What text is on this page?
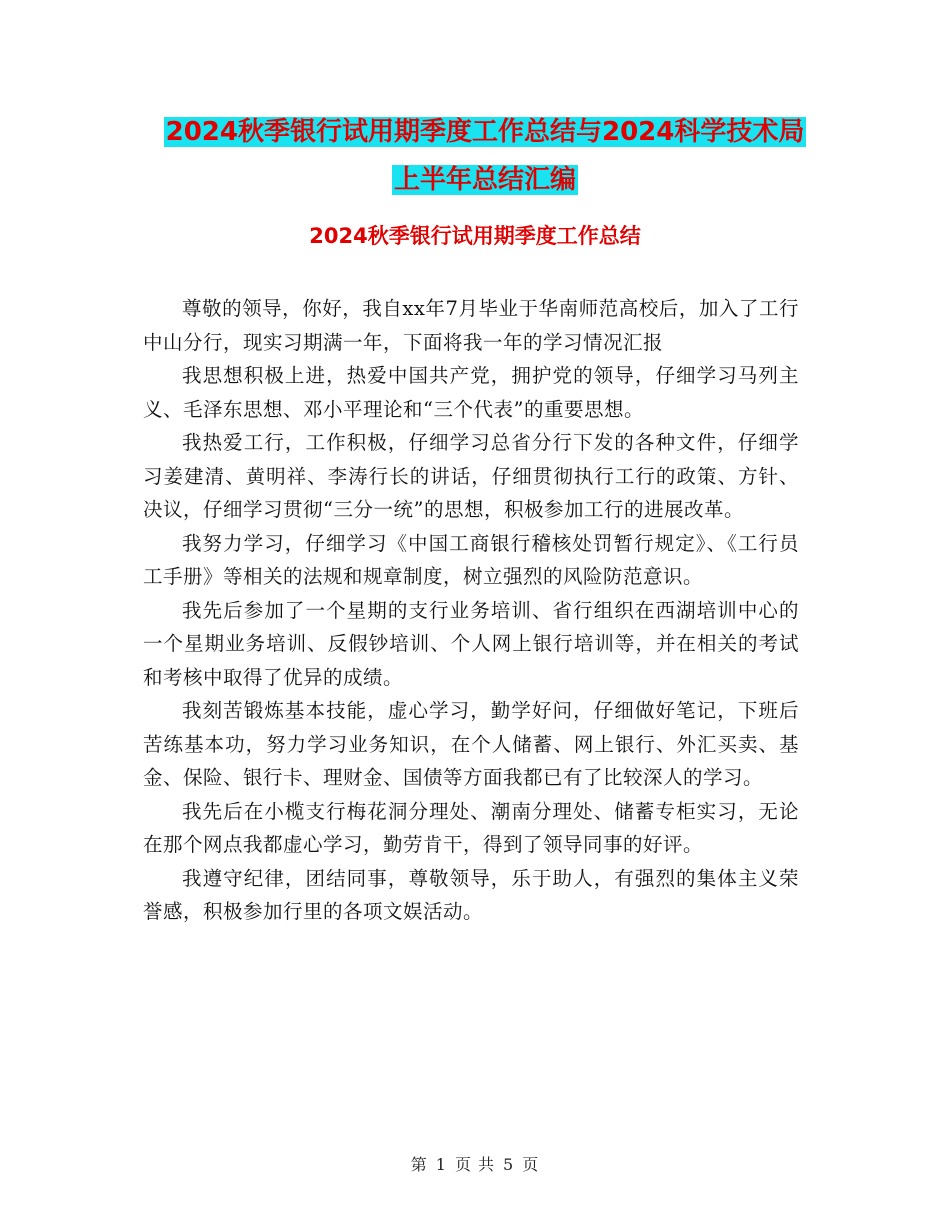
2024秋季银行试用期季度工作总结与2024科学技术局
上半年总结汇编
2024秋季银行试用期季度工作总结

尊敬的领导，你好，我自xx年7月毕业于华南师范高校后，加入了工行中山分行，现实习期满一年，下面将我一年的学习情况汇报

我思想积极上进，热爱中国共产党，拥护党的领导，仔细学习马列主义、毛泽东思想、邓小平理论和“三个代表”的重要思想。

我热爱工行，工作积极，仔细学习总省分行下发的各种文件，仔细学习姜建清、黄明祥、李涛行长的讲话，仔细贯彻执行工行的政策、方针、决议，仔细学习贯彻“三分一统”的思想，积极参加工行的进展改革。

我努力学习，仔细学习《中国工商银行稽核处罚暂行规定》、《工行员工手册》等相关的法规和规章制度，树立强烈的风险防范意识。

我先后参加了一个星期的支行业务培训、省行组织在西湖培训中心的一个星期业务培训、反假钞培训、个人网上银行培训等，并在相关的考试和考核中取得了优异的成绩。

我刻苦锻炼基本技能，虚心学习，勤学好问，仔细做好笔记，下班后苦练基本功，努力学习业务知识，在个人储蓄、网上银行、外汇买卖、基金、保险、银行卡、理财金、国债等方面我都已有了比较深人的学习。

我先后在小榄支行梅花洞分理处、潮南分理处、储蓄专柜实习，无论在那个网点我都虚心学习，勤劳肯干，得到了领导同事的好评。

我遵守纪律，团结同事，尊敬领导，乐于助人，有强烈的集体主义荣誉感，积极参加行里的各项文娱活动。

第 1 页 共 5 页
